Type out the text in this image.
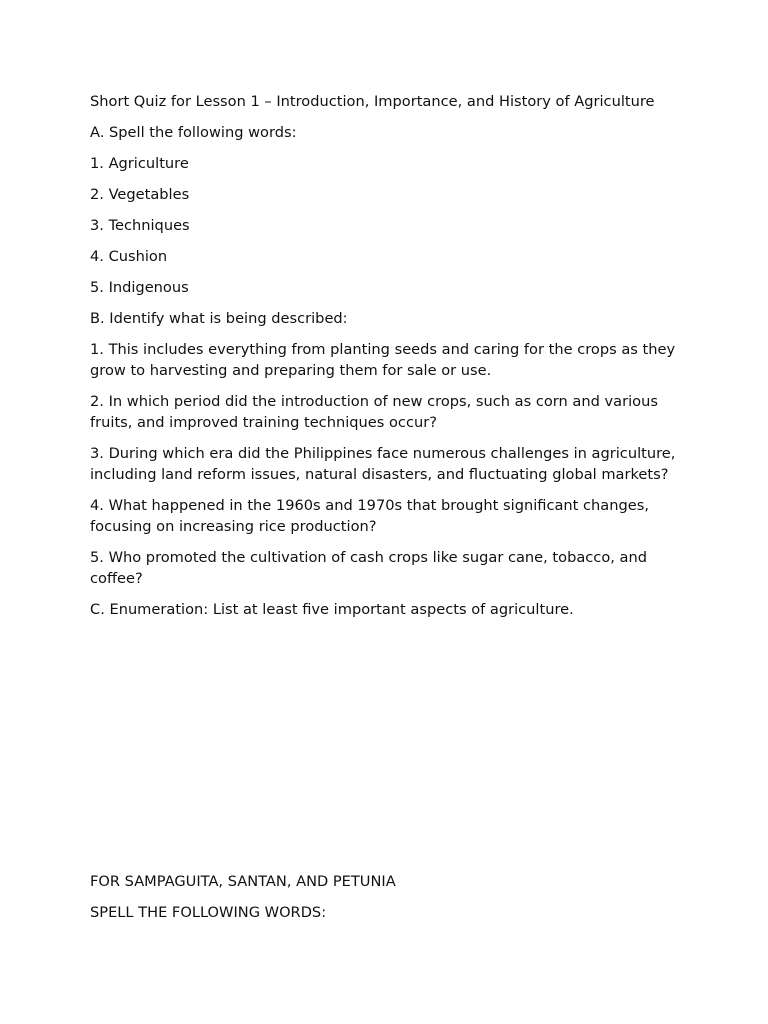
Short Quiz for Lesson 1 – Introduction, Importance, and History of Agriculture

A. Spell the following words:

1. Agriculture

2. Vegetables

3. Techniques

4. Cushion

5. Indigenous

B. Identify what is being described:

1. This includes everything from planting seeds and caring for the crops as they grow to harvesting and preparing them for sale or use.

2. In which period did the introduction of new crops, such as corn and various fruits, and improved training techniques occur?

3. During which era did the Philippines face numerous challenges in agriculture, including land reform issues, natural disasters, and fluctuating global markets?

4. What happened in the 1960s and 1970s that brought significant changes, focusing on increasing rice production?

5. Who promoted the cultivation of cash crops like sugar cane, tobacco, and coffee?

C. Enumeration: List at least five important aspects of agriculture.

FOR SAMPAGUITA, SANTAN, AND PETUNIA

SPELL THE FOLLOWING WORDS:
